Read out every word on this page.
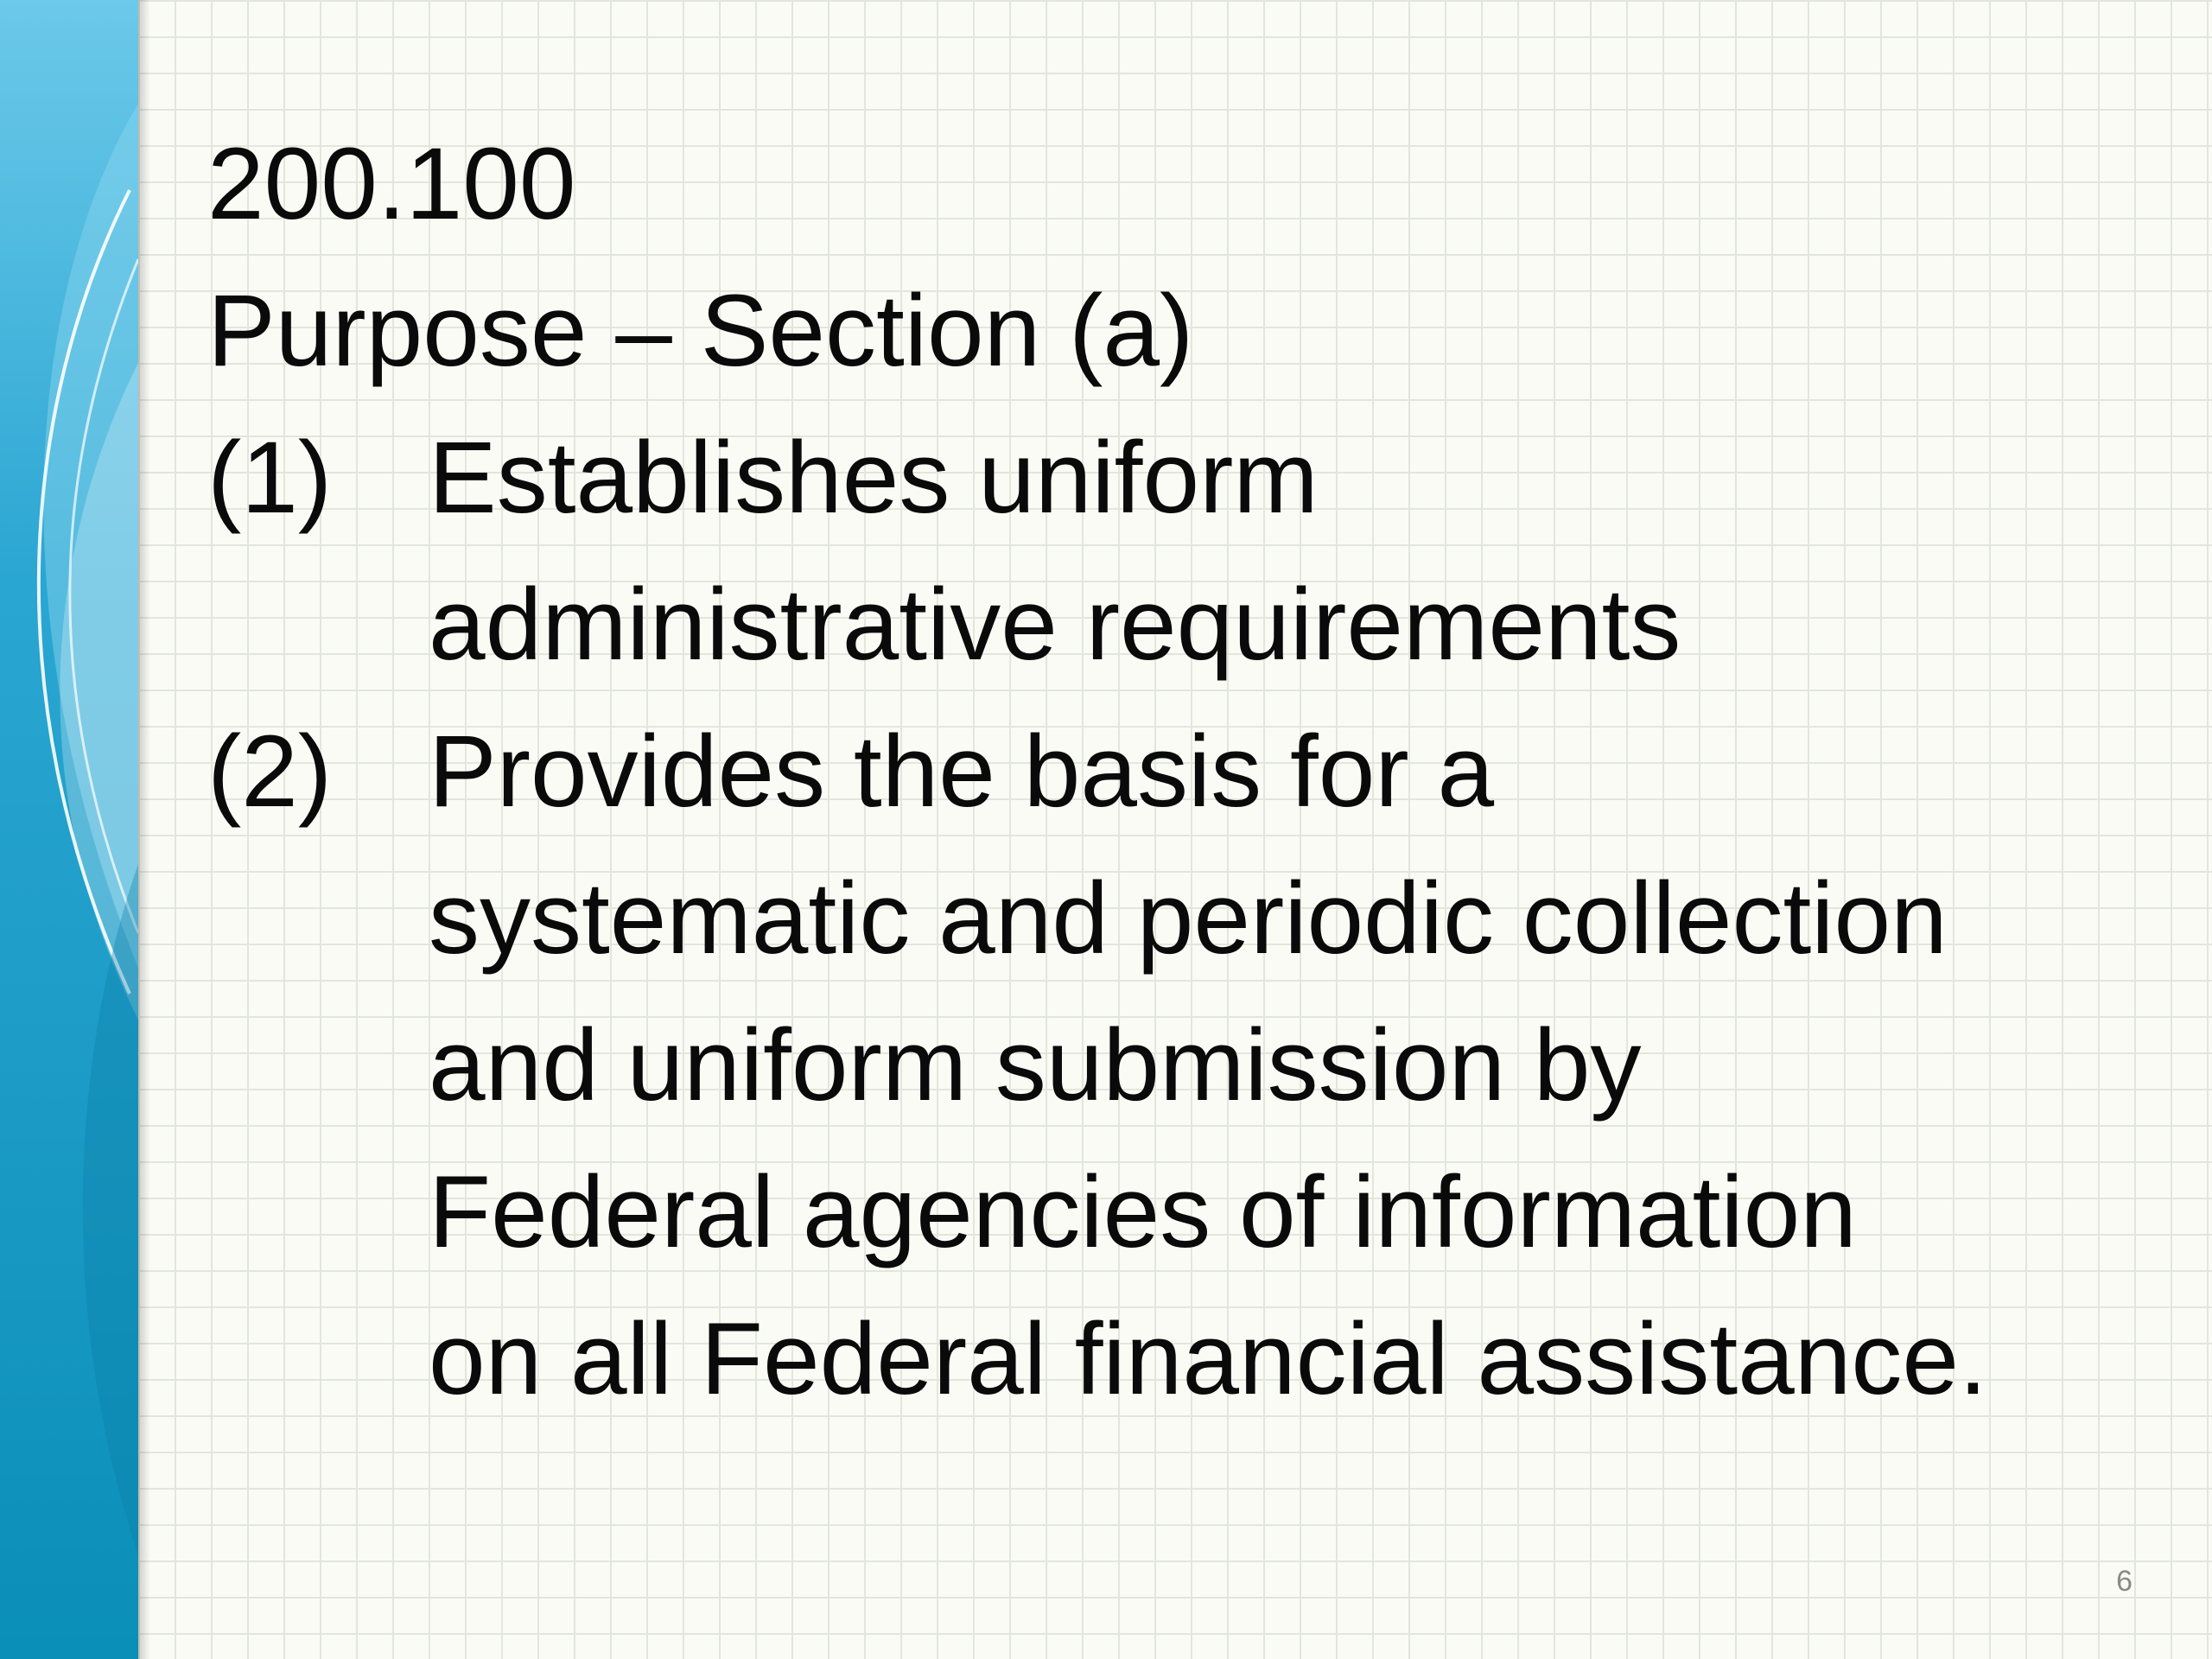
200.100
Purpose – Section (a)
(1) Establishes uniform
administrative requirements
(2) Provides the basis for a
systematic and periodic collection
and uniform submission by
Federal agencies of information
on all Federal financial assistance.
6
